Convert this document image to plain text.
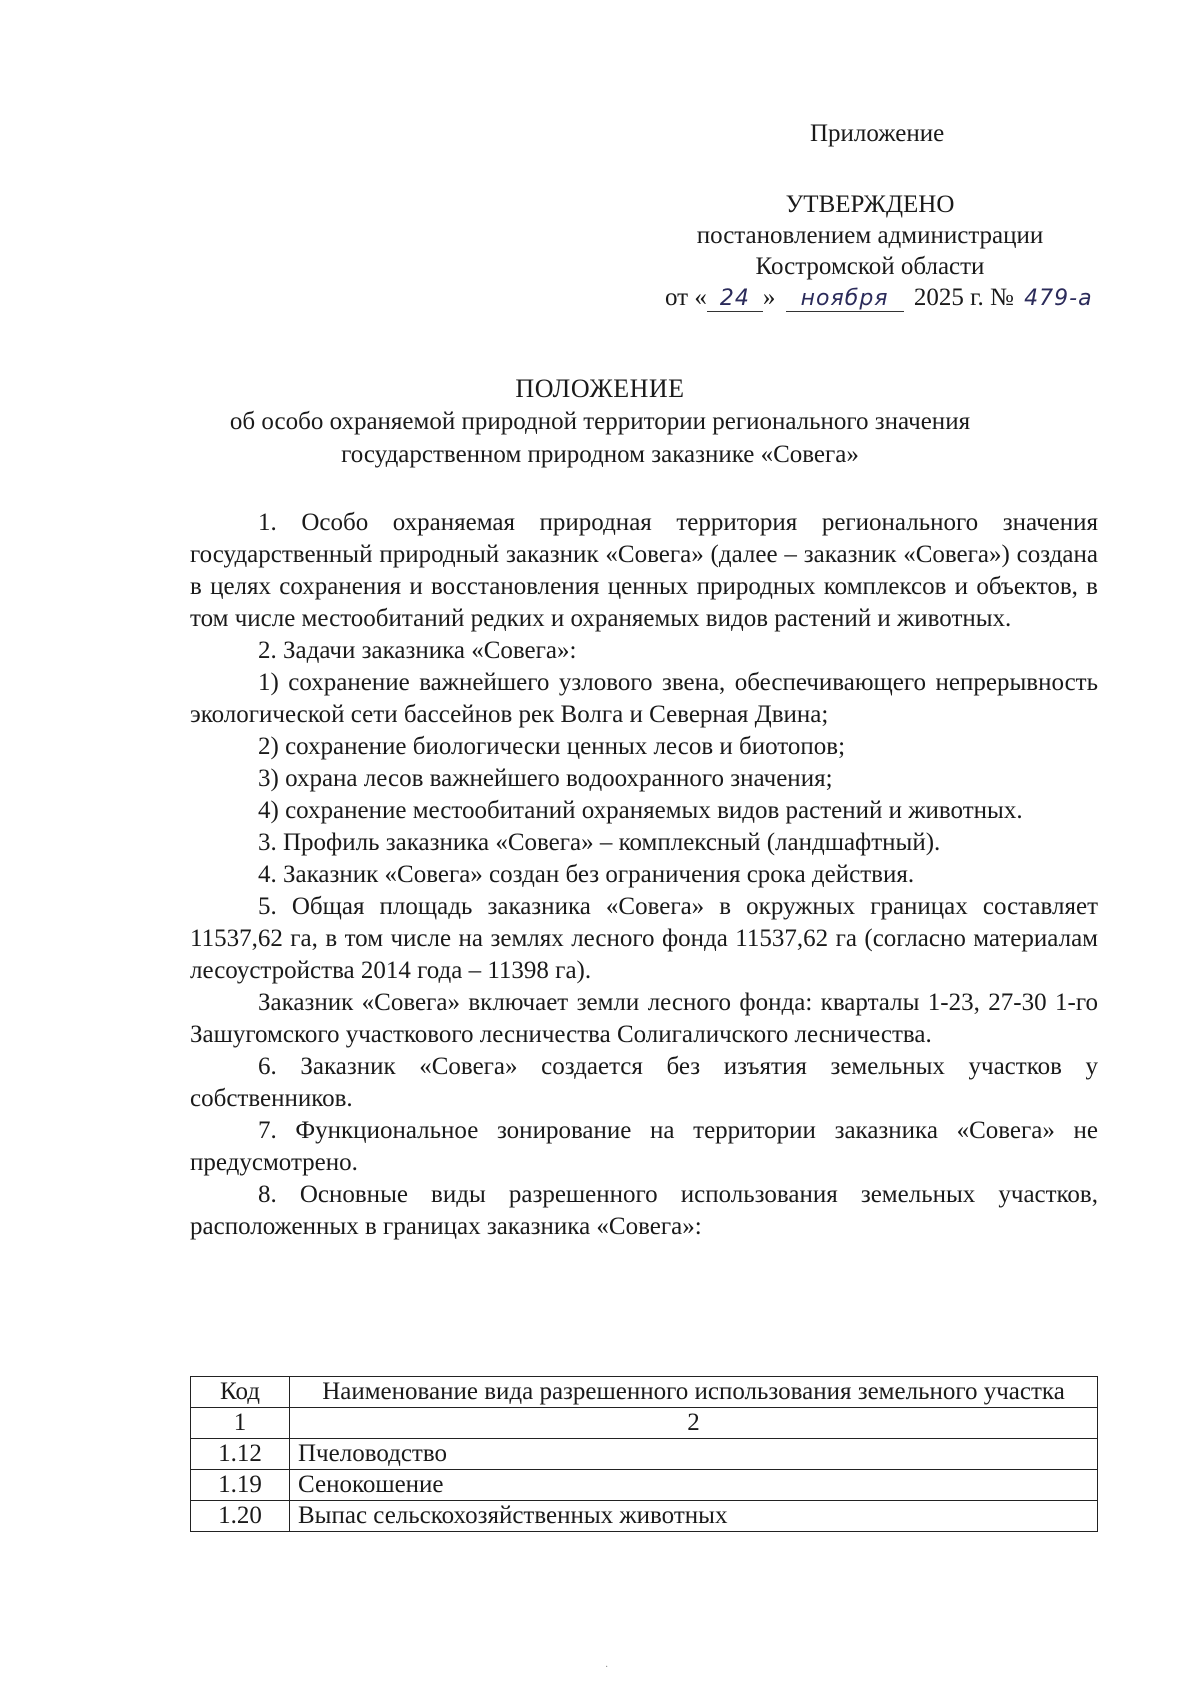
Приложение
УТВЕРЖДЕНО
постановлением администрации
Костромской области
от « 24 » ноября 2025 г. № 479-а
ПОЛОЖЕНИЕ
об особо охраняемой природной территории регионального значения
государственном природном заказнике «Совега»

1. Особо охраняемая природная территория регионального значения государственный природный заказник «Совега» (далее – заказник «Совега») создана в целях сохранения и восстановления ценных природных комплексов и объектов, в том числе местообитаний редких и охраняемых видов растений и животных.

2. Задачи заказника «Совега»:

1) сохранение важнейшего узлового звена, обеспечивающего непрерывность экологической сети бассейнов рек Волга и Северная Двина;

2) сохранение биологически ценных лесов и биотопов;

3) охрана лесов важнейшего водоохранного значения;

4) сохранение местообитаний охраняемых видов растений и животных.

3. Профиль заказника «Совега» – комплексный (ландшафтный).

4. Заказник «Совега» создан без ограничения срока действия.

5. Общая площадь заказника «Совега» в окружных границах составляет 11537,62 га, в том числе на землях лесного фонда 11537,62 га (согласно материалам лесоустройства 2014 года – 11398 га).

Заказник «Совега» включает земли лесного фонда: кварталы 1-23, 27-30 1-го Зашугомского участкового лесничества Солигаличского лесничества.

6. Заказник «Совега» создается без изъятия земельных участков у собственников.

7. Функциональное зонирование на территории заказника «Совега» не предусмотрено.

8. Основные виды разрешенного использования земельных участков, расположенных в границах заказника «Совега»:

Код	Наименование вида разрешенного использования земельного участка
1	2
1.12	Пчеловодство
1.19	Сенокошение
1.20	Выпас сельскохозяйственных животных
·
